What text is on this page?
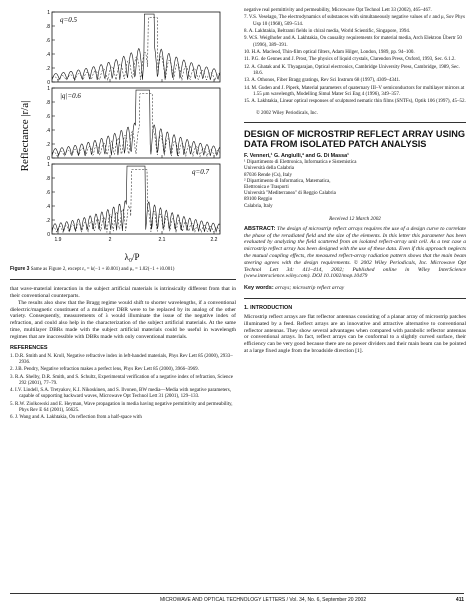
Reflectance |r/a|
λ₀/P
0
.2
.4
.6
.8
1
q=0.5
0
.2
.4
.6
.8
1
|q|=0.6
0
.2
.4
.6
.8
1
1.9	2	2.1	2.2
q=0.7
Figure 3 Same as Figure 2, except εₐ = k(−1 + i0.001) and μₐ = 1.02(−1 + i0.001)

that wave-material interaction in the subject artificial materials is intrinsically different from that in their conventional counterparts.

The results also show that the Bragg regime would shift to shorter wavelengths, if a conventional dielectric/magnetic constituent of a multilayer DBR were to be replaced by its analog of the other variety. Consequently, measurements of λ would illuminate the issue of the negative index of refraction, and could also help in the characterization of the subject artificial materials. At the same time, multilayer DBRs made with the subject artificial materials could be useful in wavelength regimes that are inaccessible with DBRs made with only conventional materials.

REFERENCES

1. D.R. Smith and N. Kroll, Negative refractive index in left-handed materials, Phys Rev Lett 85 (2000), 2933–2936.

2. J.B. Pendry, Negative refraction makes a perfect lens, Phys Rev Lett 85 (2000), 3966–3969.

3. R.A. Shelby, D.R. Smith, and S. Schultz, Experimental verification of a negative index of refraction, Science 292 (2001), 77–79.

4. I.V. Lindell, S.A. Tretyakov, K.I. Nikoskinen, and S. Ilvonen, BW media—Media with negative parameters, capable of supporting backward waves, Microwave Opt Technol Lett 31 (2001), 129–133.

5. R.W. Ziolkowski and E. Heyman, Wave propagation in media having negative permittivity and permeability, Phys Rev E 64 (2001), 56625.

6. J. Wang and A. Lakhtakia, On reflection from a half-space with

negative real permittivity and permeability, Microwave Opt Technol Lett 33 (2002), 465–467.

7. V.S. Veselago, The electrodynamics of substances with simultaneously negative values of ε and μ, Sov Phys Usp 10 (1968), 509–514.

8. A. Lakhtakia, Beltrami fields in chiral media, World Scientific, Singapore, 1994.

9. W.S. Weiglhofer and A. Lakhtakia, On causality requirements for material media, Arch Elektron Übertr 50 (1996), 389–391.

10. H.A. Macleod, Thin-film optical filters, Adam Hilger, London, 1989, pp. 94–100.

11. P.G. de Gennes and J. Prost, The physics of liquid crystals, Clarendon Press, Oxford, 1993, Sec. 6.1.2.

12. A. Ghatak and K. Thyagarajan, Optical electronics, Cambridge University Press, Cambridge, 1989, Sec. 18.6.

13. A. Othonos, Fiber Bragg gratings, Rev Sci Instrum 68 (1997), 4309–4341.

14. M. Guden and J. Piperk, Material parameters of quaternary III–V semiconductors for multilayer mirrors at 1.55 μm wavelength, Modelling Simul Mater Sci Eng 4 (1996), 349–357.

15. A. Lakhtakia, Linear optical responses of sculptured nematic thin films (SNTFs), Optik 106 (1997), 45–52.

© 2002 Wiley Periodicals, Inc.
DESIGN OF MICROSTRIP REFLECT ARRAY USING DATA FROM ISOLATED PATCH ANALYSIS
F. Venneri,¹ G. Angiulli,² and G. Di Massa¹
¹ Dipartimento di Elettronica, Informatica e Sistemistica
Università della Calabria
87036 Rende (Cs), Italy
² Dipartimento di Informatica, Matematica,
Elettronica e Trasporti
Università "Mediterranea" di Reggio Calabria
89100 Reggio
Calabria, Italy
Received 12 March 2002
ABSTRACT: The design of microstrip reflect arrays requires the use of a design curve to correlate the phase of the reradiated field and the size of the elements. In this letter this parameter has been evaluated by analyzing the field scattered from an isolated reflect-array unit cell. As a test case a microstrip reflect array has been designed with the use of these data. Even if this approach neglects the mutual coupling effects, the measured reflect-array radiation pattern shows that the main beam steering agrees with the design requirements. © 2002 Wiley Periodicals, Inc. Microwave Opt Technol Lett 34: 411–414, 2002; Published online in Wiley InterScience (www.interscience.wiley.com). DOI 10.1002/mop.10479
Key words: arrays; microstrip reflect array
1. INTRODUCTION
Microstrip reflect arrays are flat reflector antennas consisting of a planar array of microstrip patches illuminated by a feed. Reflect arrays are an innovative and attractive alternative to conventional reflector antennas. They show several advantages when compared with parabolic reflector antennas or conventional arrays. In fact, reflect arrays can be conformal to a slightly curved surface, their efficiency can be very good because there are no power dividers and their main beam can be pointed at a large fixed angle from the broadside direction [1].
MICROWAVE AND OPTICAL TECHNOLOGY LETTERS / Vol. 34, No. 6, September 20 2002	411
